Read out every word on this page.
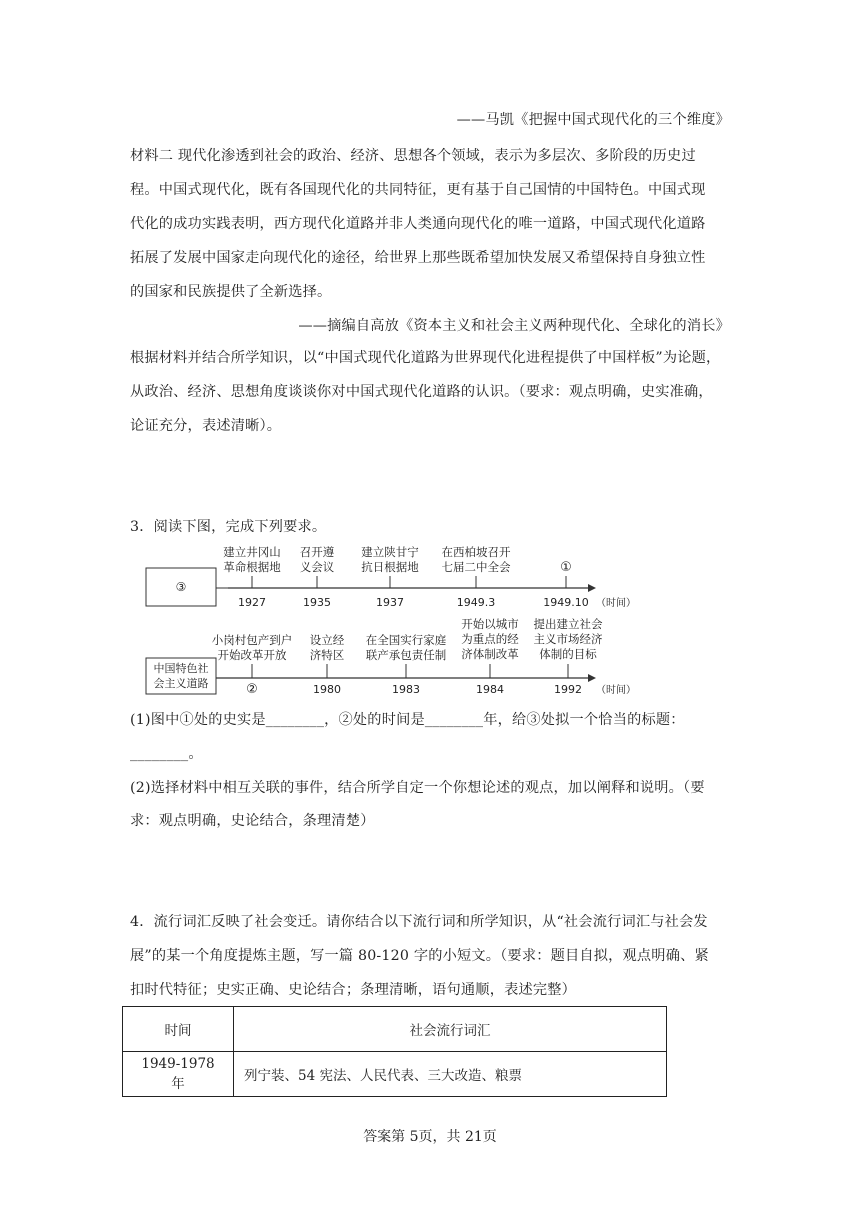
——马凯《把握中国式现代化的三个维度》
材料二 现代化渗透到社会的政治、经济、思想各个领域，表示为多层次、多阶段的历史过
程。中国式现代化，既有各国现代化的共同特征，更有基于自己国情的中国特色。中国式现
代化的成功实践表明，西方现代化道路并非人类通向现代化的唯一道路，中国式现代化道路
拓展了发展中国家走向现代化的途径，给世界上那些既希望加快发展又希望保持自身独立性
的国家和民族提供了全新选择。
——摘编自高放《资本主义和社会主义两种现代化、全球化的消长》
根据材料并结合所学知识，以“中国式现代化道路为世界现代化进程提供了中国样板”为论题，
从政治、经济、思想角度谈谈你对中国式现代化道路的认识。（要求：观点明确，史实准确，
论证充分，表述清晰）。
3．阅读下图，完成下列要求。
③
建立井冈山
革命根据地
1927
召开遵
义会议
1935
建立陕甘宁
抗日根据地
1937
在西柏坡召开
七届二中全会
1949.3
①
1949.10 （时间）
中国特色社
会主义道路
小岗村包产到户
开始改革开放
②
设立经
济特区
1980
在全国实行家庭
联产承包责任制
1983
开始以城市
为重点的经
济体制改革
1984
提出建立社会
主义市场经济
体制的目标
1992 （时间）
(1)图中①处的史实是________，②处的时间是________年，给③处拟一个恰当的标题：
________。
(2)选择材料中相互关联的事件，结合所学自定一个你想论述的观点，加以阐释和说明。（要
求：观点明确，史论结合，条理清楚）
4．流行词汇反映了社会变迁。请你结合以下流行词和所学知识，从“社会流行词汇与社会发
展”的某一个角度提炼主题，写一篇 80-120 字的小短文。（要求：题目自拟，观点明确、紧
扣时代特征；史实正确、史论结合；条理清晰，语句通顺，表述完整）
时间	社会流行词汇
1949-1978 年	列宁装、54 宪法、人民代表、三大改造、粮票
答案第 5页，共 21页
